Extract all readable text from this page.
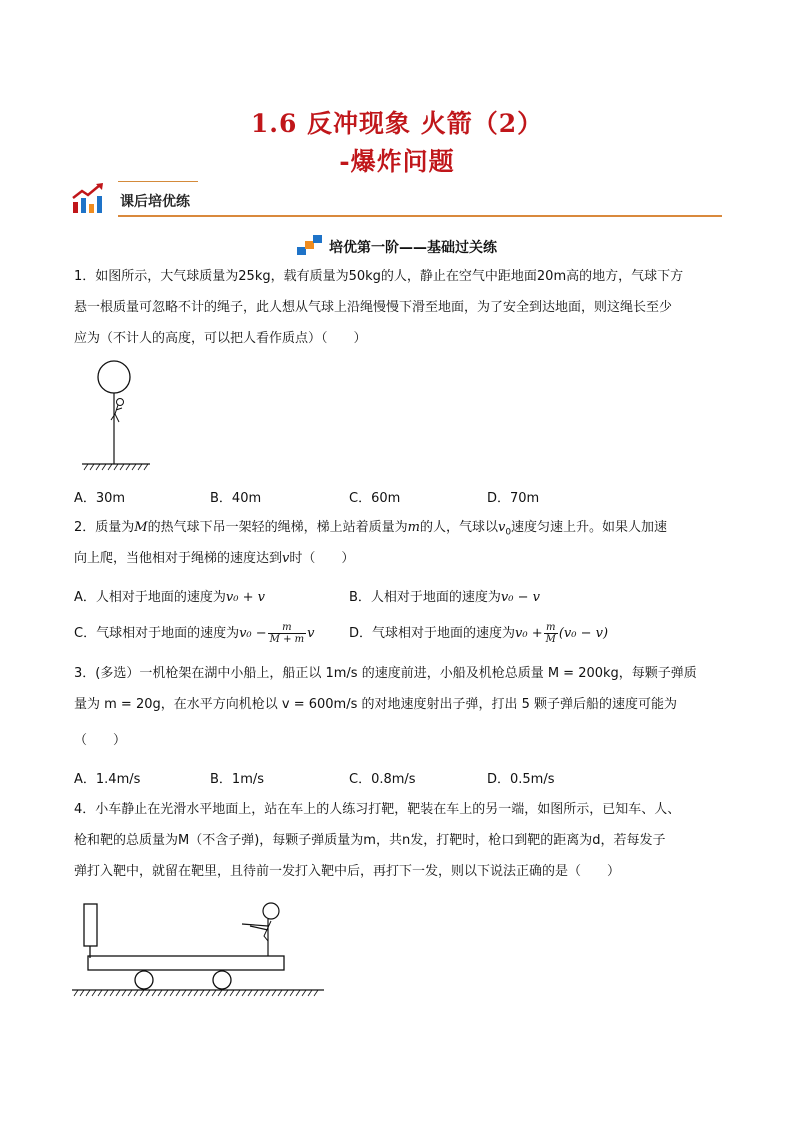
1.6 反冲现象 火箭（2）
-爆炸问题
课后培优练
培优第一阶——基础过关练
1．如图所示，大气球质量为25kg，载有质量为50kg的人，静止在空气中距地面20m高的地方，气球下方
悬一根质量可忽略不计的绳子，此人想从气球上沿绳慢慢下滑至地面，为了安全到达地面，则这绳长至少
应为（不计人的高度，可以把人看作质点）（　　）
A．30m	B．40m	C．60m	D．70m
2．质量为M的热气球下吊一架轻的绳梯，梯上站着质量为m的人，气球以$v_0$速度匀速上升。如果人加速
向上爬，当他相对于绳梯的速度达到v时（　　）
A．人相对于地面的速度为v₀ + v	B．人相对于地面的速度为v₀ − v
C．气球相对于地面的速度为$v_0 - \frac{m}{M + m}$ v	D．气球相对于地面的速度为$v_0 + \frac{m}{M} (v_0 - v)$
3．(多选）一机枪架在湖中小船上，船正以 1m/s 的速度前进，小船及机枪总质量 M = 200kg，每颗子弹质
量为 m = 20g，在水平方向机枪以 v = 600m/s 的对地速度射出子弹，打出 5 颗子弹后船的速度可能为
（　　）
A．1.4m/s	B．1m/s	C．0.8m/s	D．0.5m/s
4．小车静止在光滑水平地面上，站在车上的人练习打靶，靶装在车上的另一端，如图所示，已知车、人、
枪和靶的总质量为M（不含子弹)，每颗子弹质量为m，共n发，打靶时，枪口到靶的距离为d，若每发子
弹打入靶中，就留在靶里，且待前一发打入靶中后，再打下一发，则以下说法正确的是（　　）
